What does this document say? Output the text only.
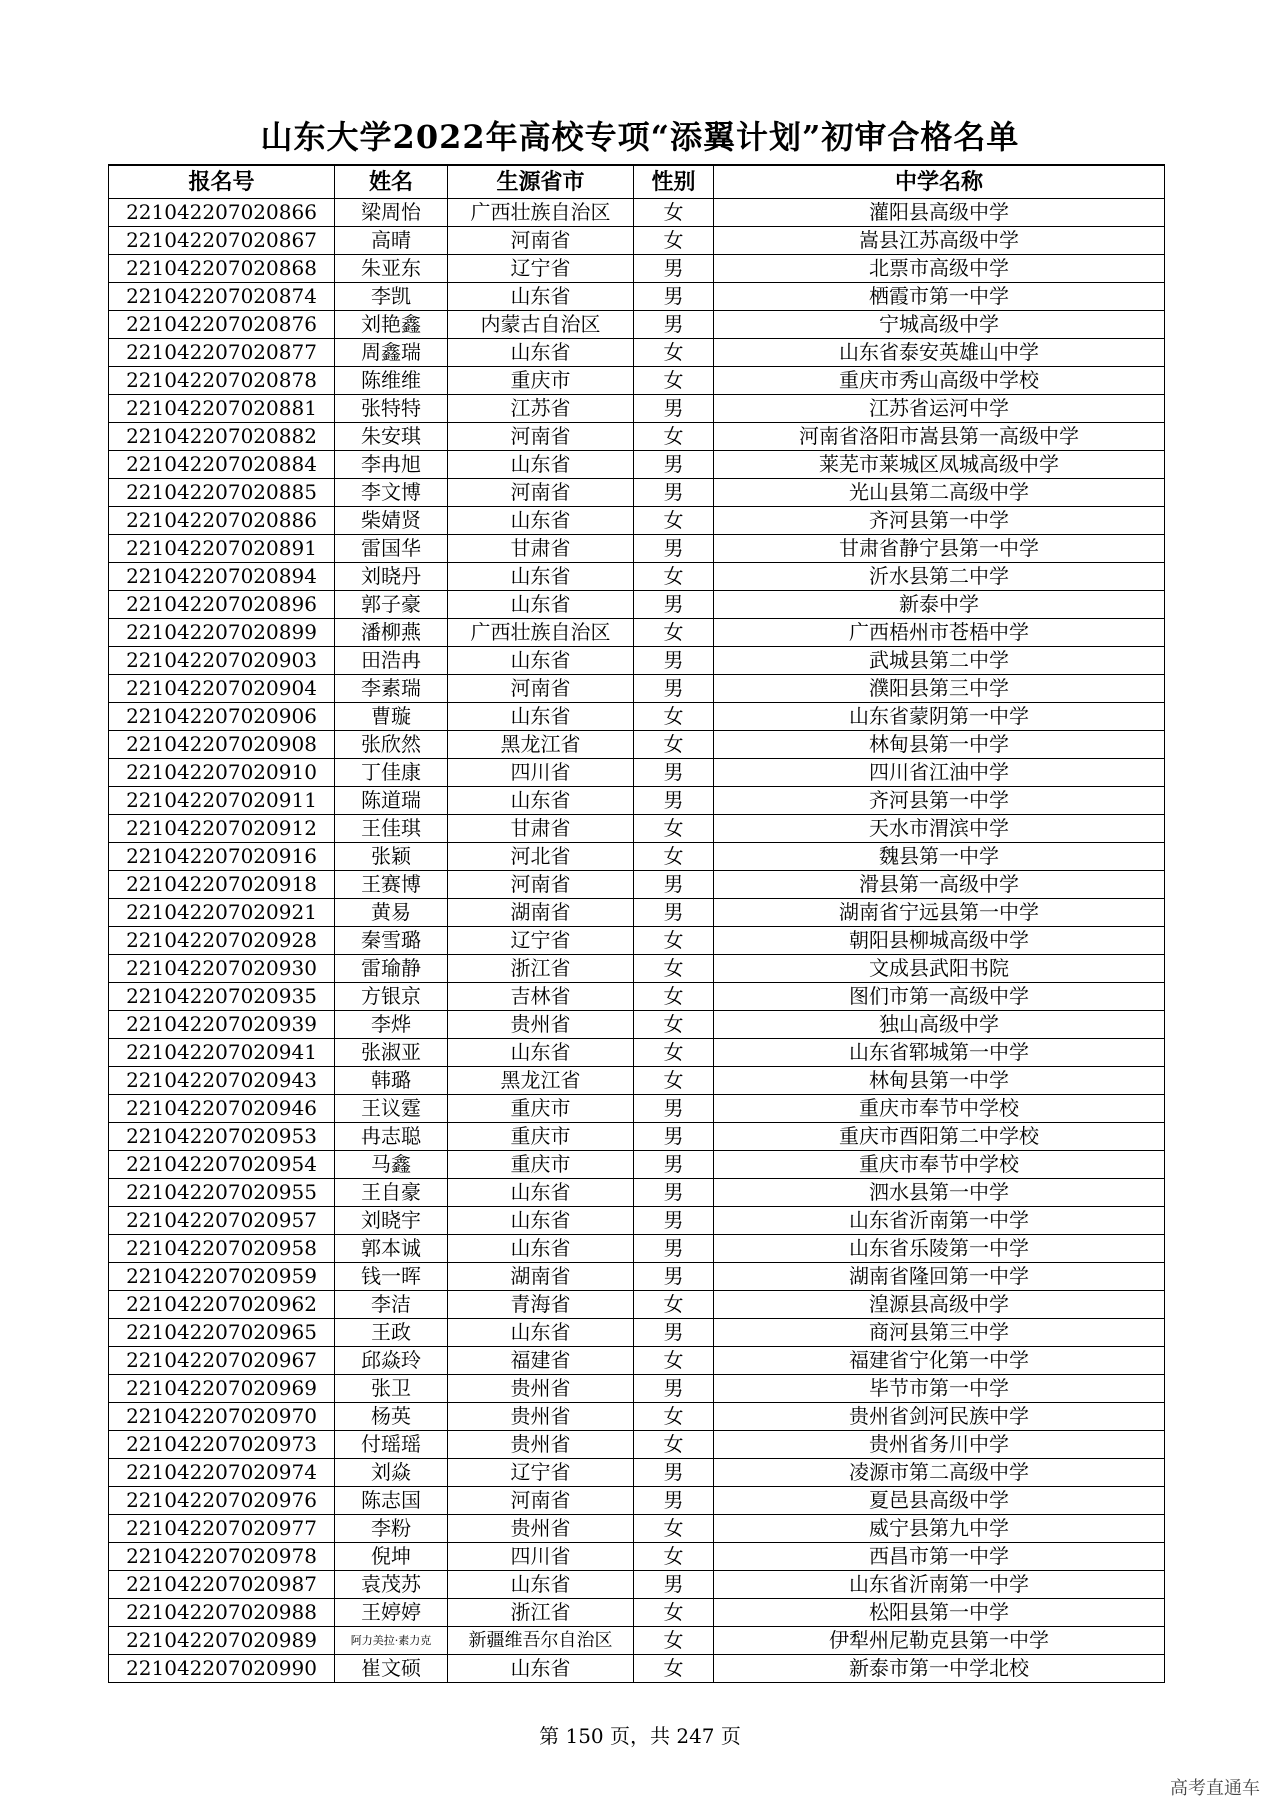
山东大学2022年高校专项“添翼计划”初审合格名单
报名号	姓名	生源省市	性别	中学名称
221042207020866	梁周怡	广西壮族自治区	女	灌阳县高级中学
221042207020867	高晴	河南省	女	嵩县江苏高级中学
221042207020868	朱亚东	辽宁省	男	北票市高级中学
221042207020874	李凯	山东省	男	栖霞市第一中学
221042207020876	刘艳鑫	内蒙古自治区	男	宁城高级中学
221042207020877	周鑫瑞	山东省	女	山东省泰安英雄山中学
221042207020878	陈维维	重庆市	女	重庆市秀山高级中学校
221042207020881	张特特	江苏省	男	江苏省运河中学
221042207020882	朱安琪	河南省	女	河南省洛阳市嵩县第一高级中学
221042207020884	李冉旭	山东省	男	莱芜市莱城区凤城高级中学
221042207020885	李文博	河南省	男	光山县第二高级中学
221042207020886	柴婧贤	山东省	女	齐河县第一中学
221042207020891	雷国华	甘肃省	男	甘肃省静宁县第一中学
221042207020894	刘晓丹	山东省	女	沂水县第二中学
221042207020896	郭子豪	山东省	男	新泰中学
221042207020899	潘柳燕	广西壮族自治区	女	广西梧州市苍梧中学
221042207020903	田浩冉	山东省	男	武城县第二中学
221042207020904	李素瑞	河南省	男	濮阳县第三中学
221042207020906	曹璇	山东省	女	山东省蒙阴第一中学
221042207020908	张欣然	黑龙江省	女	林甸县第一中学
221042207020910	丁佳康	四川省	男	四川省江油中学
221042207020911	陈道瑞	山东省	男	齐河县第一中学
221042207020912	王佳琪	甘肃省	女	天水市渭滨中学
221042207020916	张颖	河北省	女	魏县第一中学
221042207020918	王赛博	河南省	男	滑县第一高级中学
221042207020921	黄易	湖南省	男	湖南省宁远县第一中学
221042207020928	秦雪璐	辽宁省	女	朝阳县柳城高级中学
221042207020930	雷瑜静	浙江省	女	文成县武阳书院
221042207020935	方银京	吉林省	女	图们市第一高级中学
221042207020939	李烨	贵州省	女	独山高级中学
221042207020941	张淑亚	山东省	女	山东省郓城第一中学
221042207020943	韩璐	黑龙江省	女	林甸县第一中学
221042207020946	王议霆	重庆市	男	重庆市奉节中学校
221042207020953	冉志聪	重庆市	男	重庆市酉阳第二中学校
221042207020954	马鑫	重庆市	男	重庆市奉节中学校
221042207020955	王自豪	山东省	男	泗水县第一中学
221042207020957	刘晓宇	山东省	男	山东省沂南第一中学
221042207020958	郭本诚	山东省	男	山东省乐陵第一中学
221042207020959	钱一晖	湖南省	男	湖南省隆回第一中学
221042207020962	李洁	青海省	女	湟源县高级中学
221042207020965	王政	山东省	男	商河县第三中学
221042207020967	邱焱玲	福建省	女	福建省宁化第一中学
221042207020969	张卫	贵州省	男	毕节市第一中学
221042207020970	杨英	贵州省	女	贵州省剑河民族中学
221042207020973	付瑶瑶	贵州省	女	贵州省务川中学
221042207020974	刘焱	辽宁省	男	凌源市第二高级中学
221042207020976	陈志国	河南省	男	夏邑县高级中学
221042207020977	李粉	贵州省	女	威宁县第九中学
221042207020978	倪坤	四川省	女	西昌市第一中学
221042207020987	袁茂苏	山东省	男	山东省沂南第一中学
221042207020988	王婷婷	浙江省	女	松阳县第一中学
221042207020989	阿力美拉·素力克	新疆维吾尔自治区	女	伊犁州尼勒克县第一中学
221042207020990	崔文硕	山东省	女	新泰市第一中学北校
第 150 页，共 247 页
高考直通车
